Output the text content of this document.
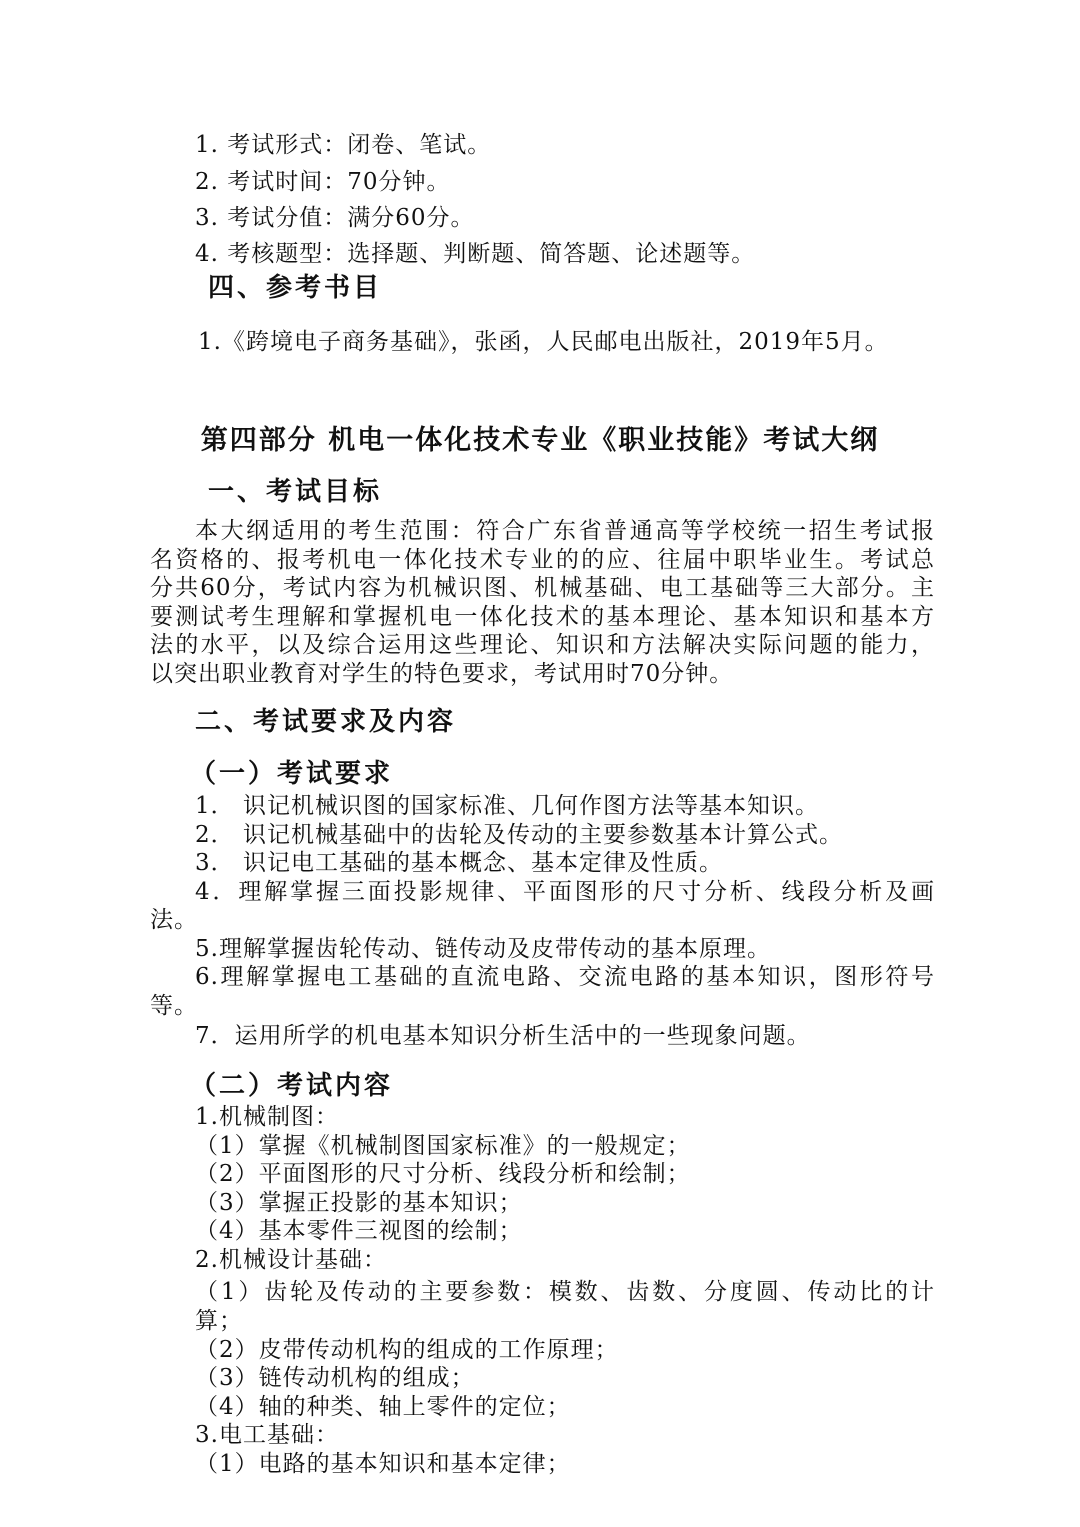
1. 考试形式：闭卷、笔试。
2. 考试时间：70分钟。
3. 考试分值：满分60分。
4. 考核题型：选择题、判断题、简答题、论述题等。
四、参考书目
1.《跨境电子商务基础》，张函，人民邮电出版社，2019年5月。
第四部分 机电一体化技术专业《职业技能》考试大纲
一、考试目标
本大纲适用的考生范围：符合广东省普通高等学校统一招生考试报
名资格的、报考机电一体化技术专业的的应、往届中职毕业生。考试总
分共60分，考试内容为机械识图、机械基础、电工基础等三大部分。主
要测试考生理解和掌握机电一体化技术的基本理论、基本知识和基本方
法的水平，以及综合运用这些理论、知识和方法解决实际问题的能力，
以突出职业教育对学生的特色要求，考试用时70分钟。
二、考试要求及内容
（一）考试要求
1． 识记机械识图的国家标准、几何作图方法等基本知识。
2． 识记机械基础中的齿轮及传动的主要参数基本计算公式。
3． 识记电工基础的基本概念、基本定律及性质。
4．理解掌握三面投影规律、平面图形的尺寸分析、线段分析及画
法。
5.理解掌握齿轮传动、链传动及皮带传动的基本原理。
6.理解掌握电工基础的直流电路、交流电路的基本知识，图形符号
等。
7．运用所学的机电基本知识分析生活中的一些现象问题。
（二）考试内容
1.机械制图：
（1）掌握《机械制图国家标准》的一般规定；
（2）平面图形的尺寸分析、线段分析和绘制；
（3）掌握正投影的基本知识；
（4）基本零件三视图的绘制；
2.机械设计基础：
（1）齿轮及传动的主要参数：模数、齿数、分度圆、传动比的计
算；
（2）皮带传动机构的组成的工作原理；
（3）链传动机构的组成；
（4）轴的种类、轴上零件的定位；
3.电工基础：
（1）电路的基本知识和基本定律；
